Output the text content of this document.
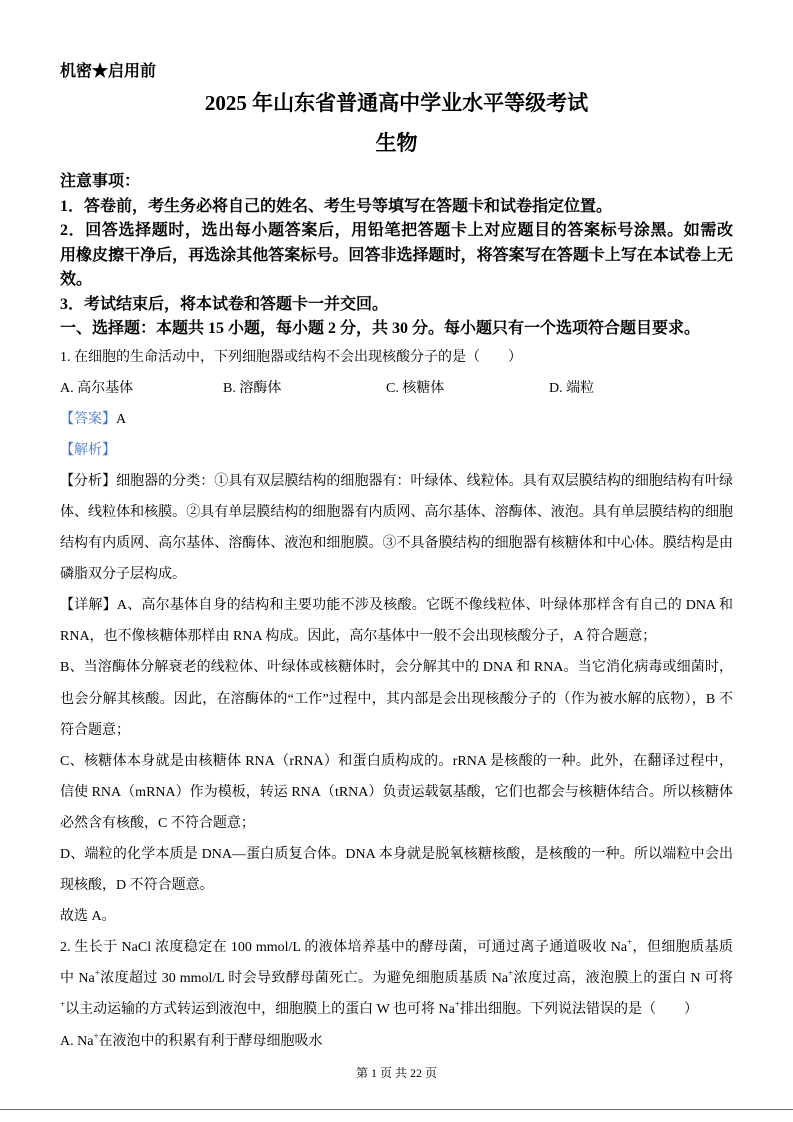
机密★启用前
2025 年山东省普通高中学业水平等级考试
生物
注意事项：
1．答卷前，考生务必将自己的姓名、考生号等填写在答题卡和试卷指定位置。
2．回答选择题时，选出每小题答案后，用铅笔把答题卡上对应题目的答案标号涂黑。如需改
用橡皮擦干净后，再选涂其他答案标号。回答非选择题时，将答案写在答题卡上写在本试卷上无
效。
3．考试结束后，将本试卷和答题卡一并交回。
一、选择题：本题共 15 小题，每小题 2 分，共 30 分。每小题只有一个选项符合题目要求。
1. 在细胞的生命活动中，下列细胞器或结构不会出现核酸分子的是（　　）
A. 高尔基体	B. 溶酶体	C. 核糖体	D. 端粒
【答案】A
【解析】
【分析】细胞器的分类：①具有双层膜结构的细胞器有：叶绿体、线粒体。具有双层膜结构的细胞结构有叶绿
体、线粒体和核膜。②具有单层膜结构的细胞器有内质网、高尔基体、溶酶体、液泡。具有单层膜结构的细胞
结构有内质网、高尔基体、溶酶体、液泡和细胞膜。③不具备膜结构的细胞器有核糖体和中心体。膜结构是由
磷脂双分子层构成。
【详解】A、高尔基体自身的结构和主要功能不涉及核酸。它既不像线粒体、叶绿体那样含有自己的 DNA 和
RNA，也不像核糖体那样由 RNA 构成。因此，高尔基体中一般不会出现核酸分子，A 符合题意；
B、当溶酶体分解衰老的线粒体、叶绿体或核糖体时，会分解其中的 DNA 和 RNA。当它消化病毒或细菌时，
也会分解其核酸。因此，在溶酶体的“工作”过程中，其内部是会出现核酸分子的（作为被水解的底物），B 不
符合题意；
C、核糖体本身就是由核糖体 RNA（rRNA）和蛋白质构成的。rRNA 是核酸的一种。此外，在翻译过程中，
信使 RNA（mRNA）作为模板，转运 RNA（tRNA）负责运载氨基酸，它们也都会与核糖体结合。所以核糖体
必然含有核酸，C 不符合题意；
D、端粒的化学本质是 DNA—蛋白质复合体。DNA 本身就是脱氧核糖核酸，是核酸的一种。所以端粒中会出
现核酸，D 不符合题意。
故选 A。
2. 生长于 NaCl 浓度稳定在 100 mmol/L 的液体培养基中的酵母菌，可通过离子通道吸收 Na+，但细胞质基质
中 Na+浓度超过 30 mmol/L 时会导致酵母菌死亡。为避免细胞质基质 Na+浓度过高，液泡膜上的蛋白 N 可将
+以主动运输的方式转运到液泡中，细胞膜上的蛋白 W 也可将 Na+排出细胞。下列说法错误的是（　　）
A. Na+在液泡中的积累有利于酵母细胞吸水
第 1 页 共 22 页
